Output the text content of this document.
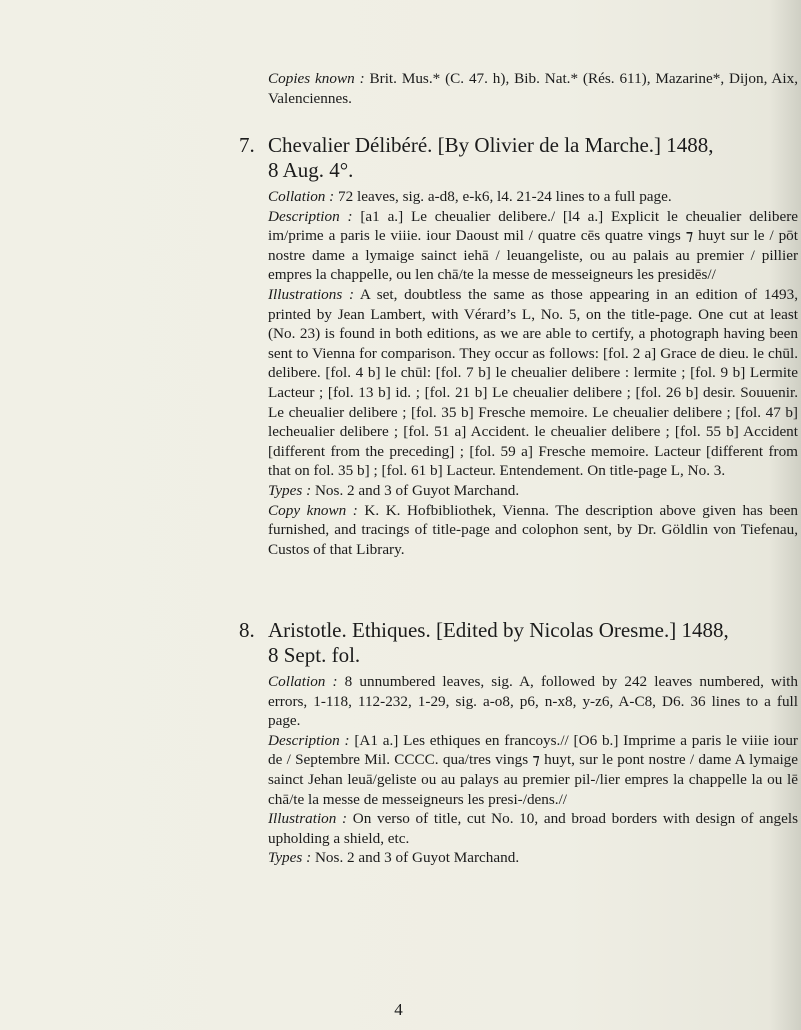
Copies known : Brit. Mus.* (C. 47. h), Bib. Nat.* (Rés. 611), Mazarine*, Dijon, Aix, Valenciennes.

7. Chevalier Délibéré. [By Olivier de la Marche.] 1488,

8 Aug. 4°.

Collation : 72 leaves, sig. a-d8, e-k6, l4. 21-24 lines to a full page.

Description : [a1 a.] Le cheualier delibere./ [l4 a.] Explicit le cheualier delibere im/prime a paris le viiie. iour Daoust mil / quatre cēs quatre vings ⁊ huyt sur le / pōt nostre dame a lymaige sainct iehā / leuangeliste, ou au palais au premier / pillier empres la chappelle, ou len chā/te la messe de messeigneurs les presidēs//

Illustrations : A set, doubtless the same as those appearing in an edition of 1493, printed by Jean Lambert, with Vérard’s L, No. 5, on the title-page. One cut at least (No. 23) is found in both editions, as we are able to certify, a photograph having been sent to Vienna for comparison. They occur as follows: [fol. 2 a] Grace de dieu. le chūl. delibere. [fol. 4 b] le chūl: [fol. 7 b] le cheualier delibere : lermite ; [fol. 9 b] Lermite Lacteur ; [fol. 13 b] id. ; [fol. 21 b] Le cheualier delibere ; [fol. 26 b] desir. Souuenir. Le cheualier delibere ; [fol. 35 b] Fresche memoire. Le cheualier delibere ; [fol. 47 b] lecheualier delibere ; [fol. 51 a] Accident. le cheualier delibere ; [fol. 55 b] Accident [different from the preceding] ; [fol. 59 a] Fresche memoire. Lacteur [different from that on fol. 35 b] ; [fol. 61 b] Lacteur. Entendement. On title-page L, No. 3.

Types : Nos. 2 and 3 of Guyot Marchand.

Copy known : K. K. Hofbibliothek, Vienna. The description above given has been furnished, and tracings of title-page and colophon sent, by Dr. Göldlin von Tiefenau, Custos of that Library.

8. Aristotle. Ethiques. [Edited by Nicolas Oresme.] 1488,

8 Sept. fol.

Collation : 8 unnumbered leaves, sig. A, followed by 242 leaves numbered, with errors, 1-118, 112-232, 1-29, sig. a-o8, p6, n-x8, y-z6, A-C8, D6. 36 lines to a full page.

Description : [A1 a.] Les ethiques en francoys.// [O6 b.] Imprime a paris le viiie iour de / Septembre Mil. CCCC. qua/tres vings ⁊ huyt, sur le pont nostre / dame A lymaige sainct Jehan leuā/geliste ou au palays au premier pil-/lier empres la chappelle la ou lē chā/te la messe de messeigneurs les presi-/dens.//

Illustration : On verso of title, cut No. 10, and broad borders with design of angels upholding a shield, etc.

Types : Nos. 2 and 3 of Guyot Marchand.

4
